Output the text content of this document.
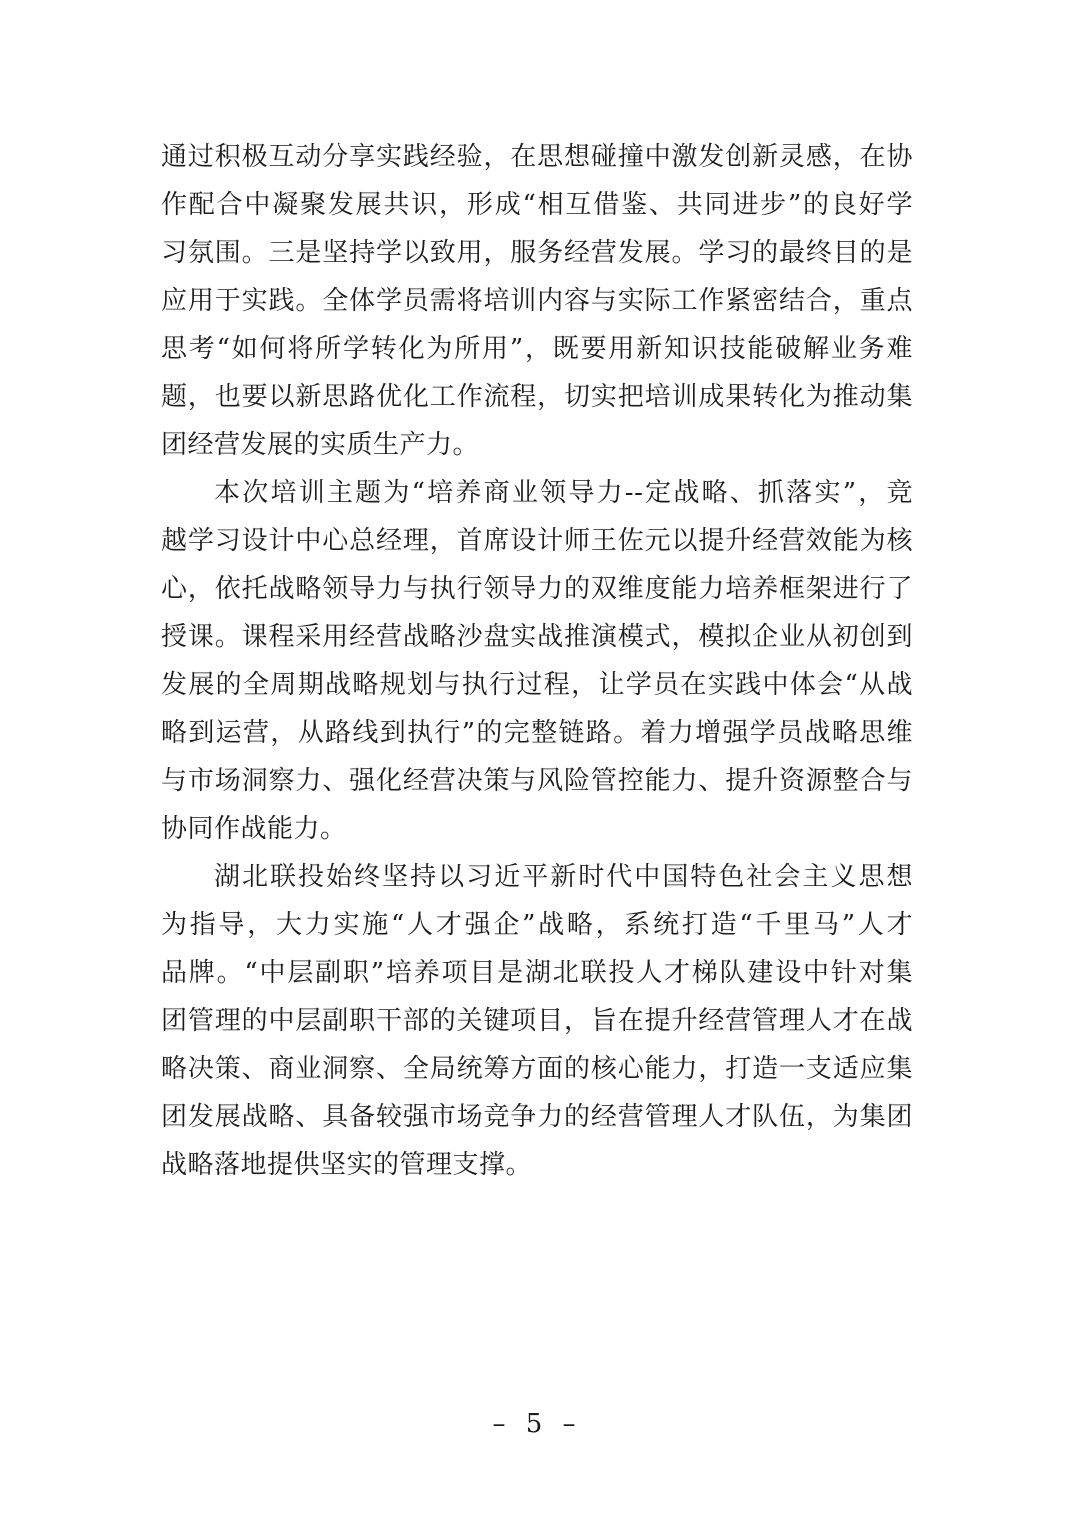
通过积极互动分享实践经验，在思想碰撞中激发创新灵感，在协
作配合中凝聚发展共识，形成“相互借鉴、共同进步”的良好学
习氛围。三是坚持学以致用，服务经营发展。学习的最终目的是
应用于实践。全体学员需将培训内容与实际工作紧密结合，重点
思考“如何将所学转化为所用”，既要用新知识技能破解业务难
题，也要以新思路优化工作流程，切实把培训成果转化为推动集
团经营发展的实质生产力。
本次培训主题为“培养商业领导力--定战略、抓落实”，竞
越学习设计中心总经理，首席设计师王佐元以提升经营效能为核
心，依托战略领导力与执行领导力的双维度能力培养框架进行了
授课。课程采用经营战略沙盘实战推演模式，模拟企业从初创到
发展的全周期战略规划与执行过程，让学员在实践中体会“从战
略到运营，从路线到执行”的完整链路。着力增强学员战略思维
与市场洞察力、强化经营决策与风险管控能力、提升资源整合与
协同作战能力。
湖北联投始终坚持以习近平新时代中国特色社会主义思想
为指导，大力实施“人才强企”战略，系统打造“千里马”人才
品牌。“中层副职”培养项目是湖北联投人才梯队建设中针对集
团管理的中层副职干部的关键项目，旨在提升经营管理人才在战
略决策、商业洞察、全局统筹方面的核心能力，打造一支适应集
团发展战略、具备较强市场竞争力的经营管理人才队伍，为集团
战略落地提供坚实的管理支撑。
– 5 –
